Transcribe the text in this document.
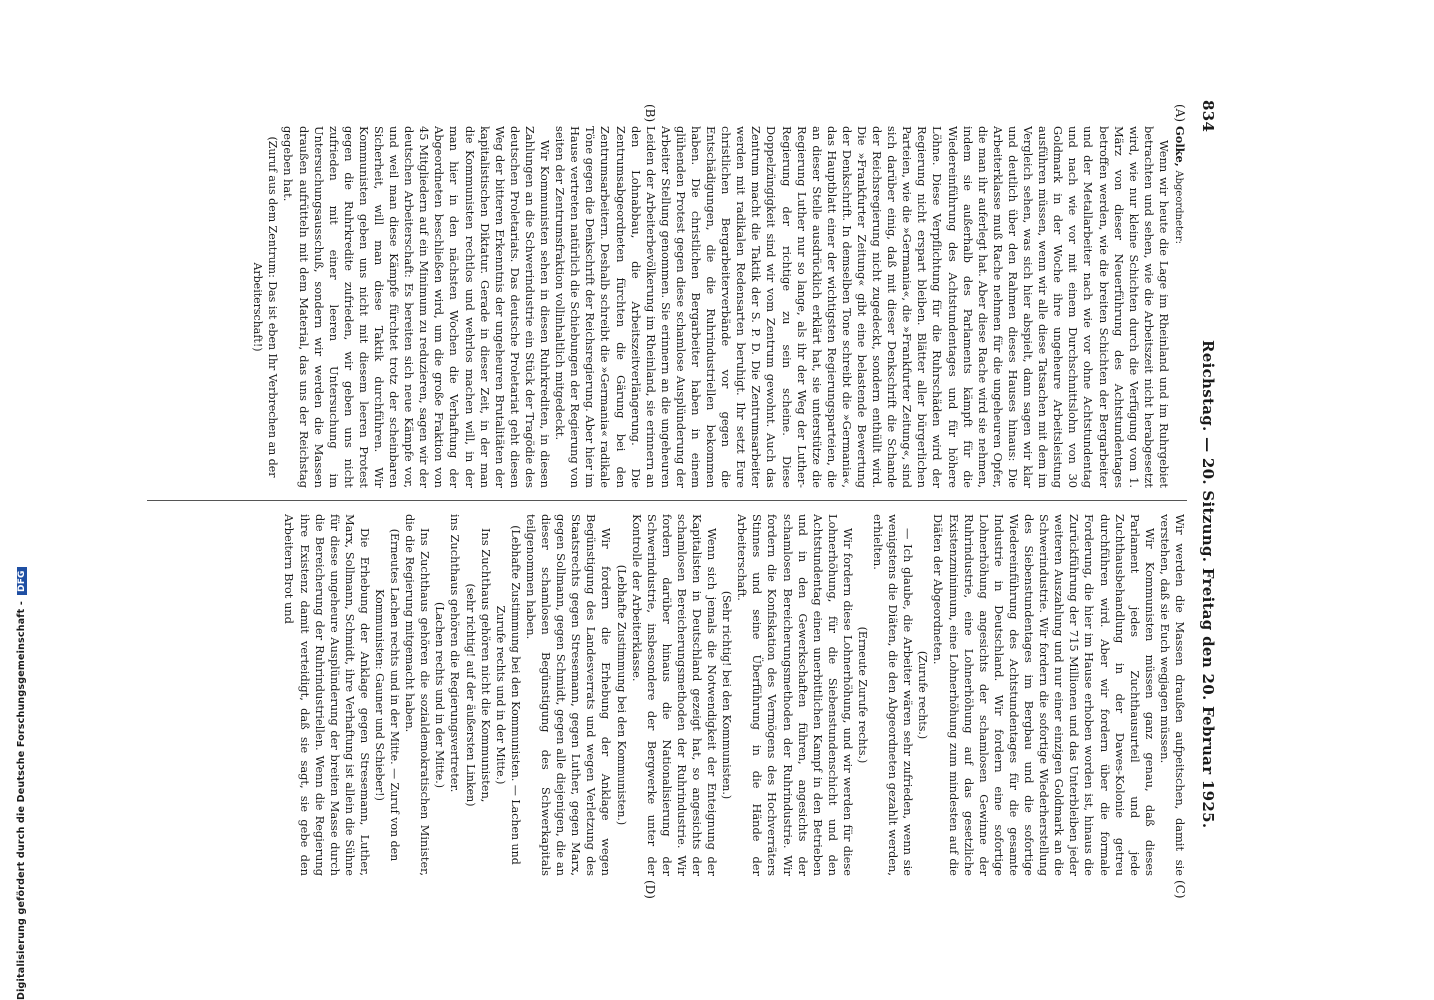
834
Reichstag. — 20. Sitzung. Freitag den 20. Februar 1925.
(A)
(B)
(C)
(D)

Golke, Abgeordneter:

Wenn wir heute die Lage im Rheinland und im Ruhrgebiet betrachten und sehen, wie die Arbeitszeit nicht herabgesetzt wird, wie nur kleine Schichten durch die Verfügung vom 1. März von dieser Neuerführung des Achtstundentages betroffen werden, wie die breiten Schichten der Bergarbeiter und der Metallarbeiter nach wie vor ohne Achtstundentag und nach wie vor mit einem Durchschnittslohn von 30 Goldmark in der Woche ihre ungeheure Arbeitsleistung ausführen müssen, wenn wir alle diese Tatsachen mit dem im Vergleich sehen, was sich hier abspielt, dann sagen wir klar und deutlich über den Rahmen dieses Hauses hinaus: Die Arbeiterklasse muß Rache nehmen für die ungeheuren Opfer, die man ihr auferlegt hat. Aber diese Rache wird sie nehmen, indem sie außerhalb des Parlaments kämpft für die Wiedereinführung des Achtstundentages und für höhere Löhne. Diese Verpflichtung für die Ruhrschäden wird der Regierung nicht erspart bleiben. Blätter aller bürgerlichen Parteien, wie die »Germania«, die »Frankfurter Zeitung«, sind sich darüber einig, daß mit dieser Denkschrift die Schande der Reichsregierung nicht zugedeckt, sondern enthüllt wird. Die »Frankfurter Zeitung« gibt eine belastende Bewertung der Denkschrift. In demselben Tone schreibt die »Germania«, das Hauptblatt einer der wichtigsten Regierungsparteien, die an dieser Stelle ausdrücklich erklärt hat, sie unterstütze die Regierung Luther nur so lange, als ihr der Weg der Luther-Regierung der richtige zu sein scheine. Diese Doppelzüngigkeit sind wir vom Zentrum gewohnt. Auch das Zentrum macht die Taktik der S. P. D. Die Zentrumsarbeiter werden mit radikalen Redensarten beruhigt. Ihr setzt Eure christlichen Bergarbeiterverbände vor gegen die Entschädigungen, die die Ruhrindustriellen bekommen haben. Die christlichen Bergarbeiter haben in einem glühenden Protest gegen diese schamlose Ausplünderung der Arbeiter Stellung genommen. Sie erinnern an die ungeheuren Leiden der Arbeiterbevölkerung im Rheinland, sie erinnern an den Lohnabbau, die Arbeitszeitverlängerung. Die Zentrumsabgeordneten fürchten die Gärung bei den Zentrumsarbeitern. Deshalb schreibt die »Germania« radikale Töne gegen die Denkschrift der Reichsregierung. Aber hier im Hause vertreten natürlich die Schiebungen der Regierung von seiten der Zentrumsfraktion vollinhaltlich mitgedeckt.

Wir Kommunisten sehen in diesen Ruhrkrediten, in diesen Zahlungen an die Schwerindustrie ein Stück der Tragödie des deutschen Proletariats. Das deutsche Proletariat geht diesen Weg der bitteren Erkenntnis der ungeheuren Brutalitäten der kapitalistischen Diktatur. Gerade in dieser Zeit, in der man die Kommunisten rechtlos und wehrlos machen will, in der man hier in den nächsten Wochen die Verhaftung der Abgeordneten beschließen wird, um die große Fraktion von 45 Mitgliedern auf ein Minimum zu reduzieren, sagen wir der deutschen Arbeiterschaft: Es bereiten sich neue Kämpfe vor, und weil man diese Kämpfe fürchtet trotz der scheinbaren Sicherheit, will man diese Taktik durchführen. Wir Kommunisten geben uns nicht mit diesem leeren Protest gegen die Ruhrkredite zufrieden, wir geben uns nicht zufrieden mit einer leeren Untersuchung im Untersuchungsausschuß, sondern wir werden die Massen draußen aufrütteln mit dem Material, das uns der Reichstag gegeben hat.

(Zuruf aus dem Zentrum: Das ist eben Ihr Verbrechen an der Arbeiterschaft!)

Wir werden die Massen draußen aufpeitschen, damit sie verstehen, daß sie Euch wegjagen müssen.

Wir Kommunisten müssen ganz genau, daß dieses Parlament jedes Zuchthausurteil und jede Zuchthausbehandlung in der Dawes-Kolonie getreu durchführen wird. Aber wir fordern über die formale Forderung, die hier im Hause erhoben worden ist, hinaus die Zurückführung der 715 Millionen und das Unterbleiben jeder weiteren Auszahlung und nur einer einzigen Goldmark an die Schwerindustrie. Wir fordern die sofortige Wiederherstellung des Siebenstundentages im Bergbau und die sofortige Wiedereinführung des Achtstundentages für die gesamte Industrie in Deutschland. Wir fordern eine sofortige Lohnerhöhung angesichts der schamlosen Gewinne der Ruhrindustrie, eine Lohnerhöhung auf das gesetzliche Existenzminimum, eine Lohnerhöhung zum mindesten auf die Diäten der Abgeordneten.

(Zurufe rechts.)

— Ich glaube, die Arbeiter wären sehr zufrieden, wenn sie wenigstens die Diäten, die den Abgeordneten gezahlt werden, erhielten.

(Erneute Zurufe rechts.)

Wir fordern diese Lohnerhöhung, und wir werden für diese Lohnerhöhung, für die Siebenstundenschicht und den Achtstundentag einen unerbittlichen Kampf in den Betrieben und in den Gewerkschaften führen, angesichts der schamlosen Bereicherungsmethoden der Ruhrindustrie. Wir fordern die Konfiskation des Vermögens des Hochverräters Stinnes und seine Überführung in die Hände der Arbeiterschaft.

(Sehr richtig! bei den Kommunisten.)

Wenn sich jemals die Notwendigkeit der Enteignung der Kapitalisten in Deutschland gezeigt hat, so angesichts der schamlosen Bereicherungsmethoden der Ruhrindustrie. Wir fordern darüber hinaus die Nationalisierung der Schwerindustrie, insbesondere der Bergwerke unter der Kontrolle der Arbeiterklasse.

(Lebhafte Zustimmung bei den Kommunisten.)

Wir fordern die Erhebung der Anklage wegen Begünstigung des Landesverrats und wegen Verletzung des Staatsrechts gegen Stresemann, gegen Luther, gegen Marx, gegen Sollmann, gegen Schmidt, gegen alle diejenigen, die an dieser schamlosen Begünstigung des Schwerkapitals teilgenommen haben.

(Lebhafte Zustimmung bei den Kommunisten. — Lachen und Zurufe rechts und in der Mitte.)

Ins Zuchthaus gehören nicht die Kommunisten,

(sehr richtig! auf der äußersten Linken)

ins Zuchthaus gehören die Regierungsvertreter.

(Lachen rechts und in der Mitte.)

Ins Zuchthaus gehören die sozialdemokratischen Minister, die die Regierung mitgemacht haben.

(Erneutes Lachen rechts und in der Mitte. — Zuruf von den Kommunisten: Gauner und Schieber!)

Die Erhebung der Anklage gegen Stresemann, Luther, Marx, Sollmann, Schmidt, ihre Verhaftung ist allein die Sühne für diese ungeheure Ausplünderung der breiten Masse durch die Bereicherung der Ruhrindustriellen. Wenn die Regierung ihre Existenz damit verteidigt, daß sie sagt, sie gebe den Arbeitern Brot und

Digitalisierung gefördert durch die Deutsche Forschungsgemeinschaft -DFG
